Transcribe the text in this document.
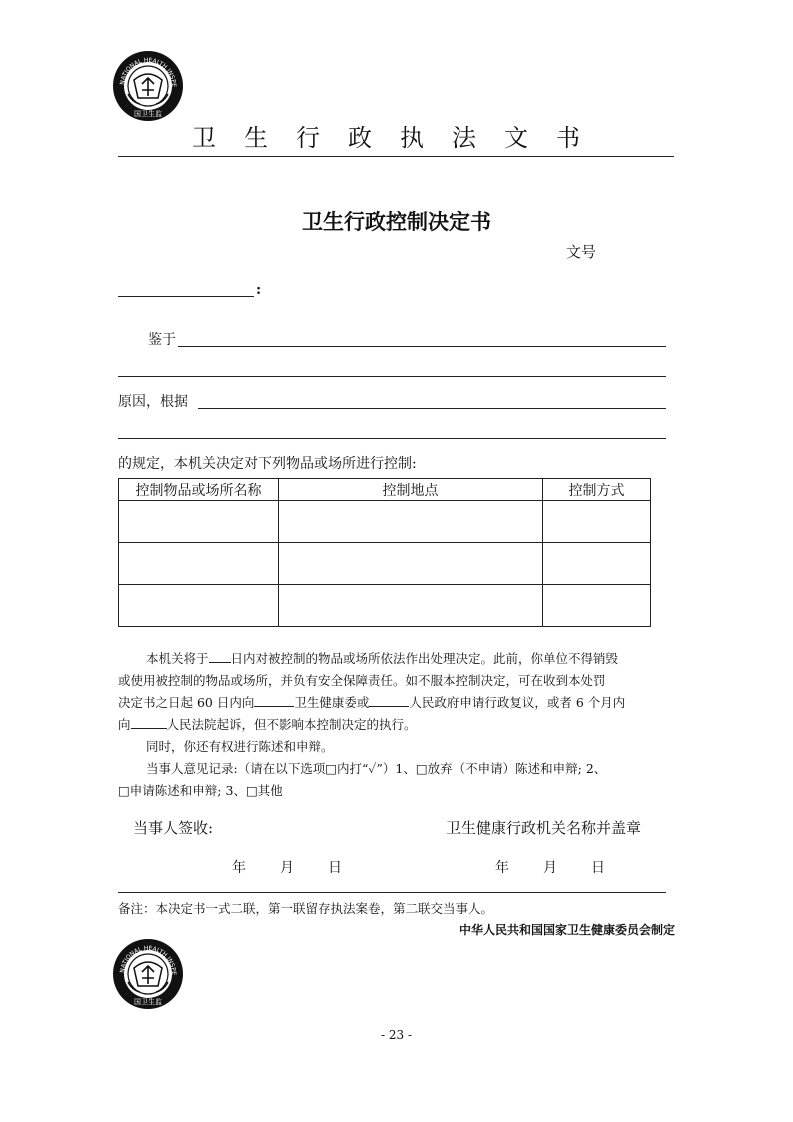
NATIONAL HEALTH INSPE
国卫生监
卫生行政执法文书
卫生行政控制决定书
文号
:
鉴于
原因，根据
的规定，本机关决定对下列物品或场所进行控制:
控制物品或场所名称	控制地点	控制方式

本机关将于 日内对被控制的物品或场所依法作出处理决定。此前，你单位不得销毁
或使用被控制的物品或场所，并负有安全保障责任。如不服本控制决定，可在收到本处罚
决定书之日起 60 日内向	卫生健康委或	人民政府申请行政复议，或者 6 个月内
向	人民法院起诉，但不影响本控制决定的执行。
同时，你还有权进行陈述和申辩。
当事人意见记录:（请在以下选项□内打“✓”）1、□放弃（不申请）陈述和申辩; 2、
□申请陈述和申辩; 3、□其他
当事人签收:	卫生健康行政机关名称并盖章
年 月 日	年 月 日
备注：本决定书一式二联，第一联留存执法案卷，第二联交当事人。
中华人民共和国国家卫生健康委员会制定
NATIONAL HEALTH INSPE
国卫生监
- 23 -
